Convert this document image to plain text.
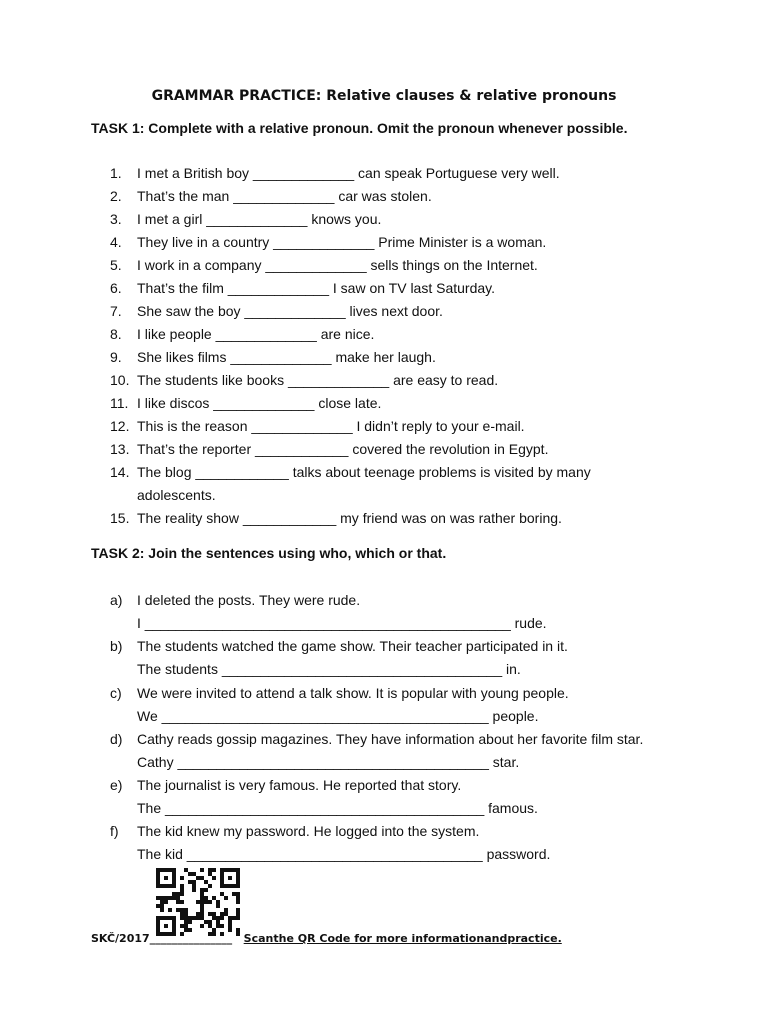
GRAMMAR PRACTICE: Relative clauses & relative pronouns
TASK 1: Complete with a relative pronoun. Omit the pronoun whenever possible.
1.	I met a British boy _____________ can speak Portuguese very well.
2.	That’s the man _____________ car was stolen.
3.	I met a girl _____________ knows you.
4.	They live in a country _____________ Prime Minister is a woman.
5.	I work in a company _____________ sells things on the Internet.
6.	That’s the film _____________ I saw on TV last Saturday.
7.	She saw the boy _____________ lives next door.
8.	I like people _____________ are nice.
9.	She likes films _____________ make her laugh.
10. The students like books _____________ are easy to read.
11. I like discos _____________ close late.
12. This is the reason _____________ I didn’t reply to your e-mail.
13. That’s the reporter ____________ covered the revolution in Egypt.
14. The blog ____________ talks about teenage problems is visited by many adolescents.
15. The reality show ____________ my friend was on was rather boring.
TASK 2: Join the sentences using who, which or that.
a)	I deleted the posts. They were rude.
I _______________________________________________ rude.
b)	The students watched the game show. Their teacher participated in it.
The students ____________________________________ in.
c)	We were invited to attend a talk show. It is popular with young people.
We __________________________________________ people.
d)	Cathy reads gossip magazines. They have information about her favorite film star.
Cathy ________________________________________ star.
e)	The journalist is very famous. He reported that story.
The _________________________________________ famous.
f)	The kid knew my password. He logged into the system.
The kid ______________________________________ password.
SKČ/2017_______________ Scanthe QR Code for more informationandpractice.
